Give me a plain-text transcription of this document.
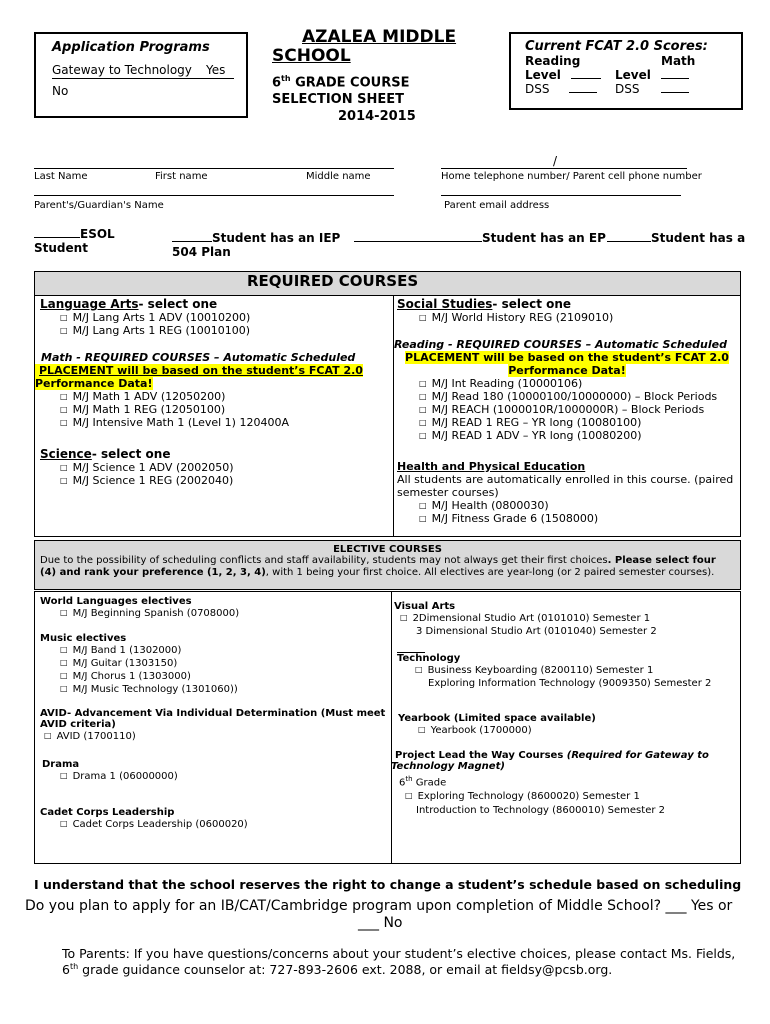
Application Programs
Gateway to Technology Yes
No
AZALEA MIDDLE
SCHOOL
6th GRADE COURSE
SELECTION SHEET
2014-2015
Current FCAT 2.0 Scores:
Reading	Math
Level	Level
DSS	DSS
/
Last Name	First name	Middle name	Home telephone number/ Parent cell phone number
Parent's/Guardian's Name	Parent email address
ESOL
Student
Student has an IEP
504 Plan
Student has an EP	Student has a
REQUIRED COURSES
Language Arts- select one
□ M/J Lang Arts 1 ADV (10010200)
□ M/J Lang Arts 1 REG (10010100)
Math - REQUIRED COURSES – Automatic Scheduled
PLACEMENT will be based on the student’s FCAT 2.0
Performance Data!
□ M/J Math 1 ADV (12050200)
□ M/J Math 1 REG (12050100)
□ M/J Intensive Math 1 (Level 1) 120400A
Science- select one
□ M/J Science 1 ADV (2002050)
□ M/J Science 1 REG (2002040)
Social Studies- select one
□ M/J World History REG (2109010)
Reading - REQUIRED COURSES – Automatic Scheduled
PLACEMENT will be based on the student’s FCAT 2.0
Performance Data!
□ M/J Int Reading (10000106)
□ M/J Read 180 (10000100/10000000) – Block Periods
□ M/J REACH (1000010R/1000000R) – Block Periods
□ M/J READ 1 REG – YR long (10080100)
□ M/J READ 1 ADV – YR long (10080200)
Health and Physical Education
All students are automatically enrolled in this course. (paired
semester courses)
□ M/J Health (0800030)
□ M/J Fitness Grade 6 (1508000)
ELECTIVE COURSES
Due to the possibility of scheduling conflicts and staff availability, students may not always get their first choices. Please select four
(4) and rank your preference (1, 2, 3, 4), with 1 being your first choice. All electives are year-long (or 2 paired semester courses).
World Languages electives
□ M/J Beginning Spanish (0708000)
Music electives
□ M/J Band 1 (1302000)
□ M/J Guitar (1303150)
□ M/J Chorus 1 (1303000)
□ M/J Music Technology (1301060))
AVID- Advancement Via Individual Determination (Must meet
AVID criteria)
□ AVID (1700110)
Drama
□ Drama 1 (06000000)
Cadet Corps Leadership
□ Cadet Corps Leadership (0600020)
Visual Arts
□ 2Dimensional Studio Art (0101010) Semester 1
3 Dimensional Studio Art (0101040) Semester 2
Technology
□ Business Keyboarding (8200110) Semester 1
Exploring Information Technology (9009350) Semester 2
Yearbook (Limited space available)
□ Yearbook (1700000)
Project Lead the Way Courses (Required for Gateway to
Technology Magnet)
6th Grade
□ Exploring Technology (8600020) Semester 1
Introduction to Technology (8600010) Semester 2
I understand that the school reserves the right to change a student’s schedule based on scheduling
Do you plan to apply for an IB/CAT/Cambridge program upon completion of Middle School? ___ Yes or
___ No
To Parents: If you have questions/concerns about your student’s elective choices, please contact Ms. Fields,
6th grade guidance counselor at: 727-893-2606 ext. 2088, or email at fieldsy@pcsb.org.
